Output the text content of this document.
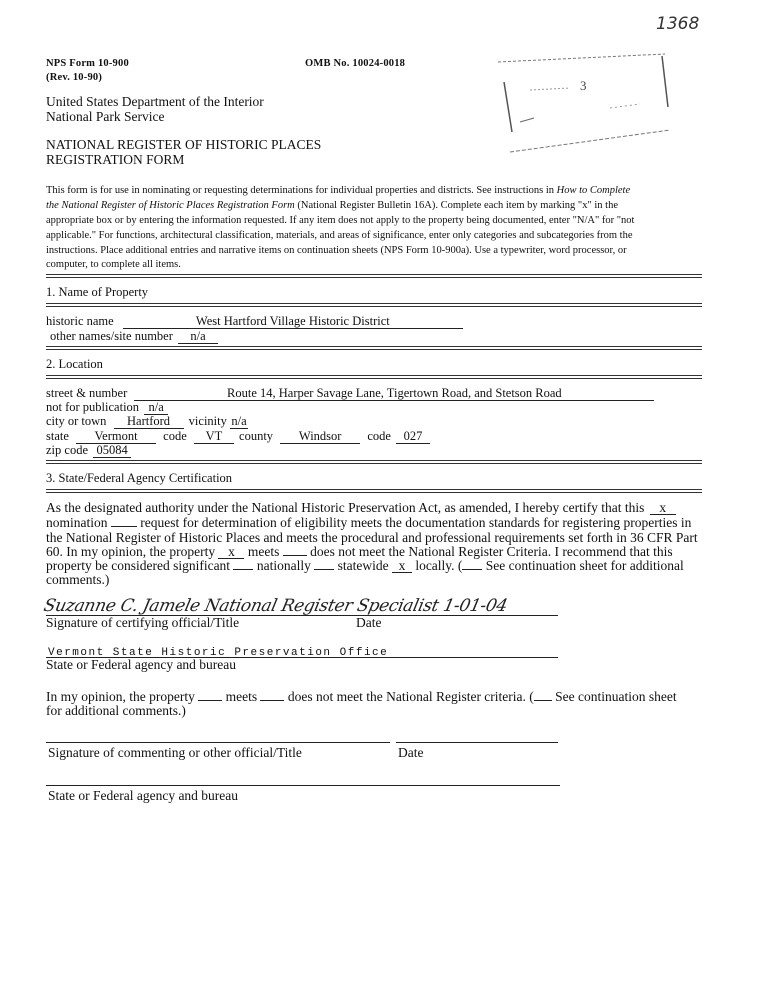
1368
NPS Form 10-900
(Rev. 10-90)
OMB No. 10024-0018
3
United States Department of the Interior
National Park Service
NATIONAL REGISTER OF HISTORIC PLACES
REGISTRATION FORM
This form is for use in nominating or requesting determinations for individual properties and districts. See instructions in How to Complete
the National Register of Historic Places Registration Form (National Register Bulletin 16A). Complete each item by marking "x" in the
appropriate box or by entering the information requested. If any item does not apply to the property being documented, enter "N/A" for "not
applicable." For functions, architectural classification, materials, and areas of significance, enter only categories and subcategories from the
instructions. Place additional entries and narrative items on continuation sheets (NPS Form 10-900a). Use a typewriter, word processor, or
computer, to complete all items.
1. Name of Property
historic name	West Hartford Village Historic District
other names/site number n/a
2. Location
street & number	Route 14, Harper Savage Lane, Tigertown Road, and Stetson Road
not for publication n/a
city or town Hartford vicinity n/a
state Vermont code VT county Windsor code 027
zip code 05084
3. State/Federal Agency Certification
As the designated authority under the National Historic Preservation Act, as amended, I hereby certify that this x
nomination request for determination of eligibility meets the documentation standards for registering properties in
the National Register of Historic Places and meets the procedural and professional requirements set forth in 36 CFR Part
60. In my opinion, the property x meets does not meet the National Register Criteria. I recommend that this
property be considered significant nationally statewide x locally. ( See continuation sheet for additional
comments.)
Suzanne C. Jamele National Register Specialist 1-01-04
Signature of certifying official/Title	Date
Vermont State Historic Preservation Office
State or Federal agency and bureau
In my opinion, the property meets does not meet the National Register criteria. ( See continuation sheet
for additional comments.)
Signature of commenting or other official/Title	Date
State or Federal agency and bureau
